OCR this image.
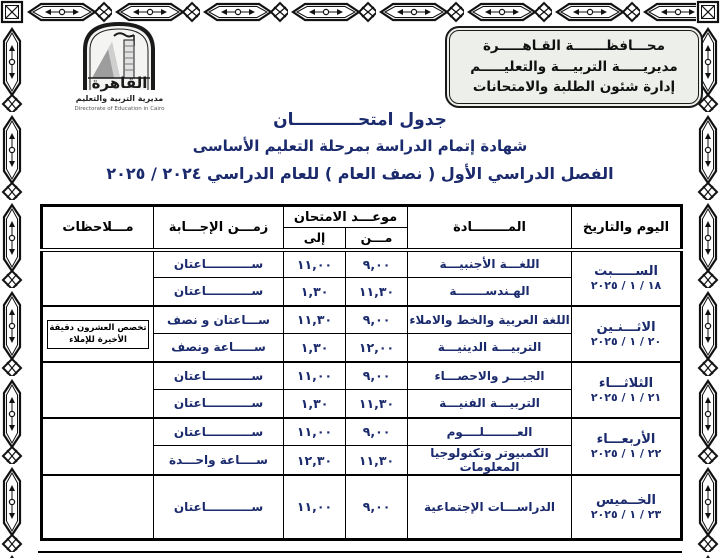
القاهرة
مديرية التربية والتعليم
Directorate of Education in Cairo
محـــافظـــــــة القـاهـــــرة
مديريـــــة التربيـــة والتعليـــــم
إدارة شئون الطلبة والامتحانات
جدول امتحـــــــــــان
شهادة إتمام الدراسة بمرحلة التعليم الأساسى
الفصل الدراسي الأول ( نصف العام ) للعام الدراسي ٢٠٢٤ / ٢٠٢٥
اليوم والتاريخ	المــــــــادة	موعـــد الامتحان		زمـــن الإجـــابة	مـــلاحظات
		مـــن	إلى		

الســـــبت
١٨ / ١ / ٢٠٢٥	اللغـــة الأجنبيـــة	٩,٠٠	١١,٠٠	ســـــــــــاعتان	
	الهـندســـــــة	١١,٣٠	١,٣٠	ســـــــــــاعتان	

الاثـــنـين
٢٠ / ١ / ٢٠٢٥	اللغة العربية والخط والاملاء	٩,٠٠	١١,٣٠	ســـاعتان و نصف	تخصص العشرون دقيقة الأخيرة للإملاء

	التربيـــة الدينيـــة	١٢,٠٠	١,٣٠	ســـــاعة ونصف	

الثلاثـــاء
٢١ / ١ / ٢٠٢٥	الجبـــر والاحصـــاء	٩,٠٠	١١,٠٠	ســـــــــــاعتان	
	التربيـــة الفنيـــة	١١,٣٠	١,٣٠	ســـــــــــاعتان	

الأربعـــاء
٢٢ / ١ / ٢٠٢٥	العــــــــلــــوم	٩,٠٠	١١,٠٠	ســـــــــــاعتان	
	الكمبيوتر وتكنولوجيا المعلومات	١١,٣٠	١٢,٣٠	ســــاعة واحـــدة	

الخــميس
٢٣ / ١ / ٢٠٢٥	الدراســـات الإجتماعية	٩,٠٠	١١,٠٠	ســـــــــــاعتان	
